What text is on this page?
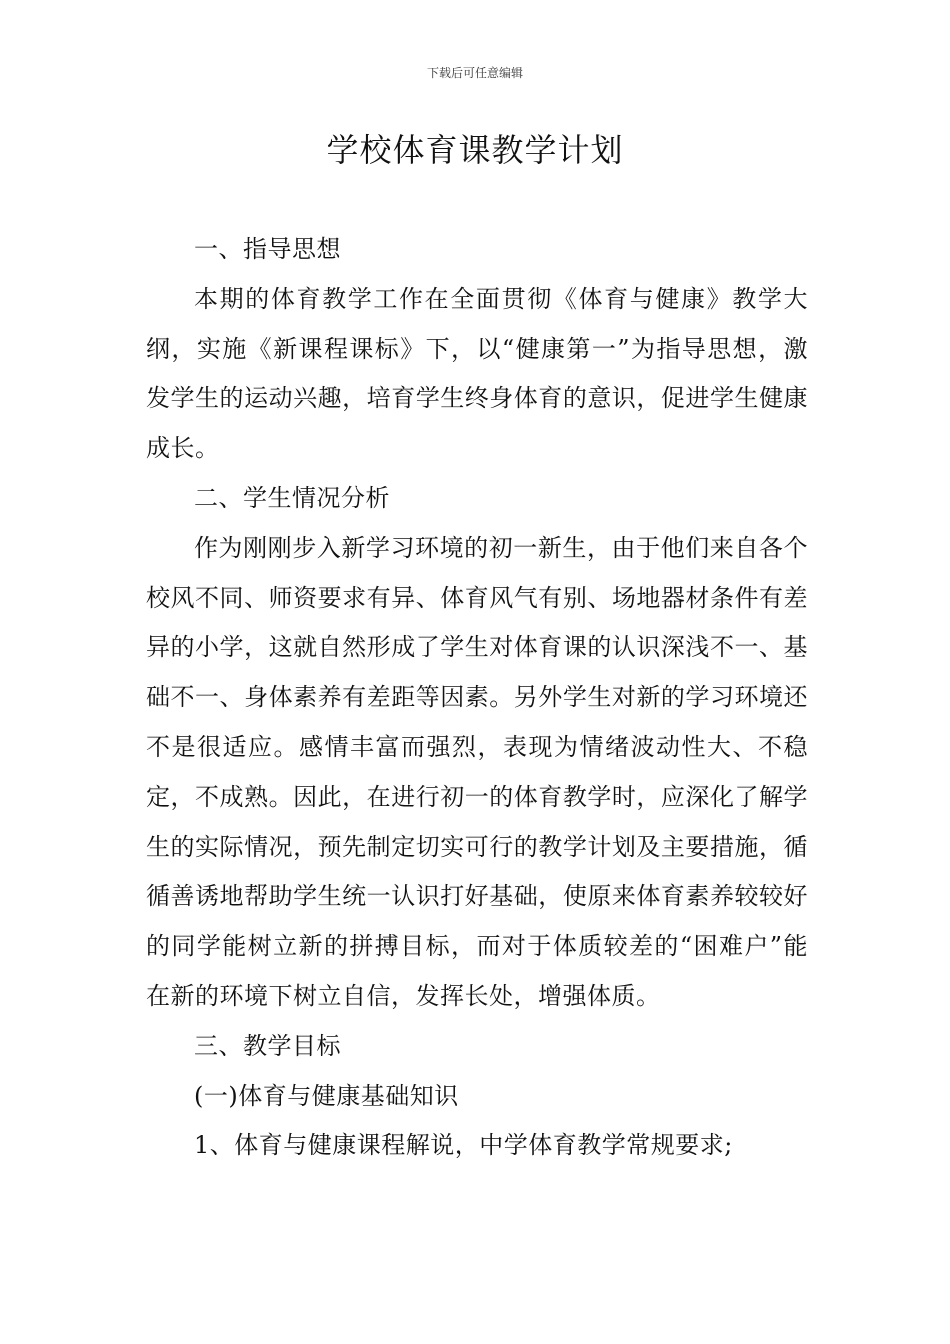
下载后可任意编辑
学校体育课教学计划

一、指导思想

本期的体育教学工作在全面贯彻《体育与健康》教学大纲，实施《新课程课标》下，以“健康第一”为指导思想，激发学生的运动兴趣，培育学生终身体育的意识，促进学生健康成长。

二、学生情况分析

作为刚刚步入新学习环境的初一新生，由于他们来自各个校风不同、师资要求有异、体育风气有别、场地器材条件有差异的小学，这就自然形成了学生对体育课的认识深浅不一、基础不一、身体素养有差距等因素。另外学生对新的学习环境还不是很适应。感情丰富而强烈，表现为情绪波动性大、不稳定，不成熟。因此，在进行初一的体育教学时，应深化了解学生的实际情况，预先制定切实可行的教学计划及主要措施，循循善诱地帮助学生统一认识打好基础，使原来体育素养较较好的同学能树立新的拼搏目标，而对于体质较差的“困难户”能在新的环境下树立自信，发挥长处，增强体质。

三、教学目标

(一)体育与健康基础知识

1、体育与健康课程解说，中学体育教学常规要求;
